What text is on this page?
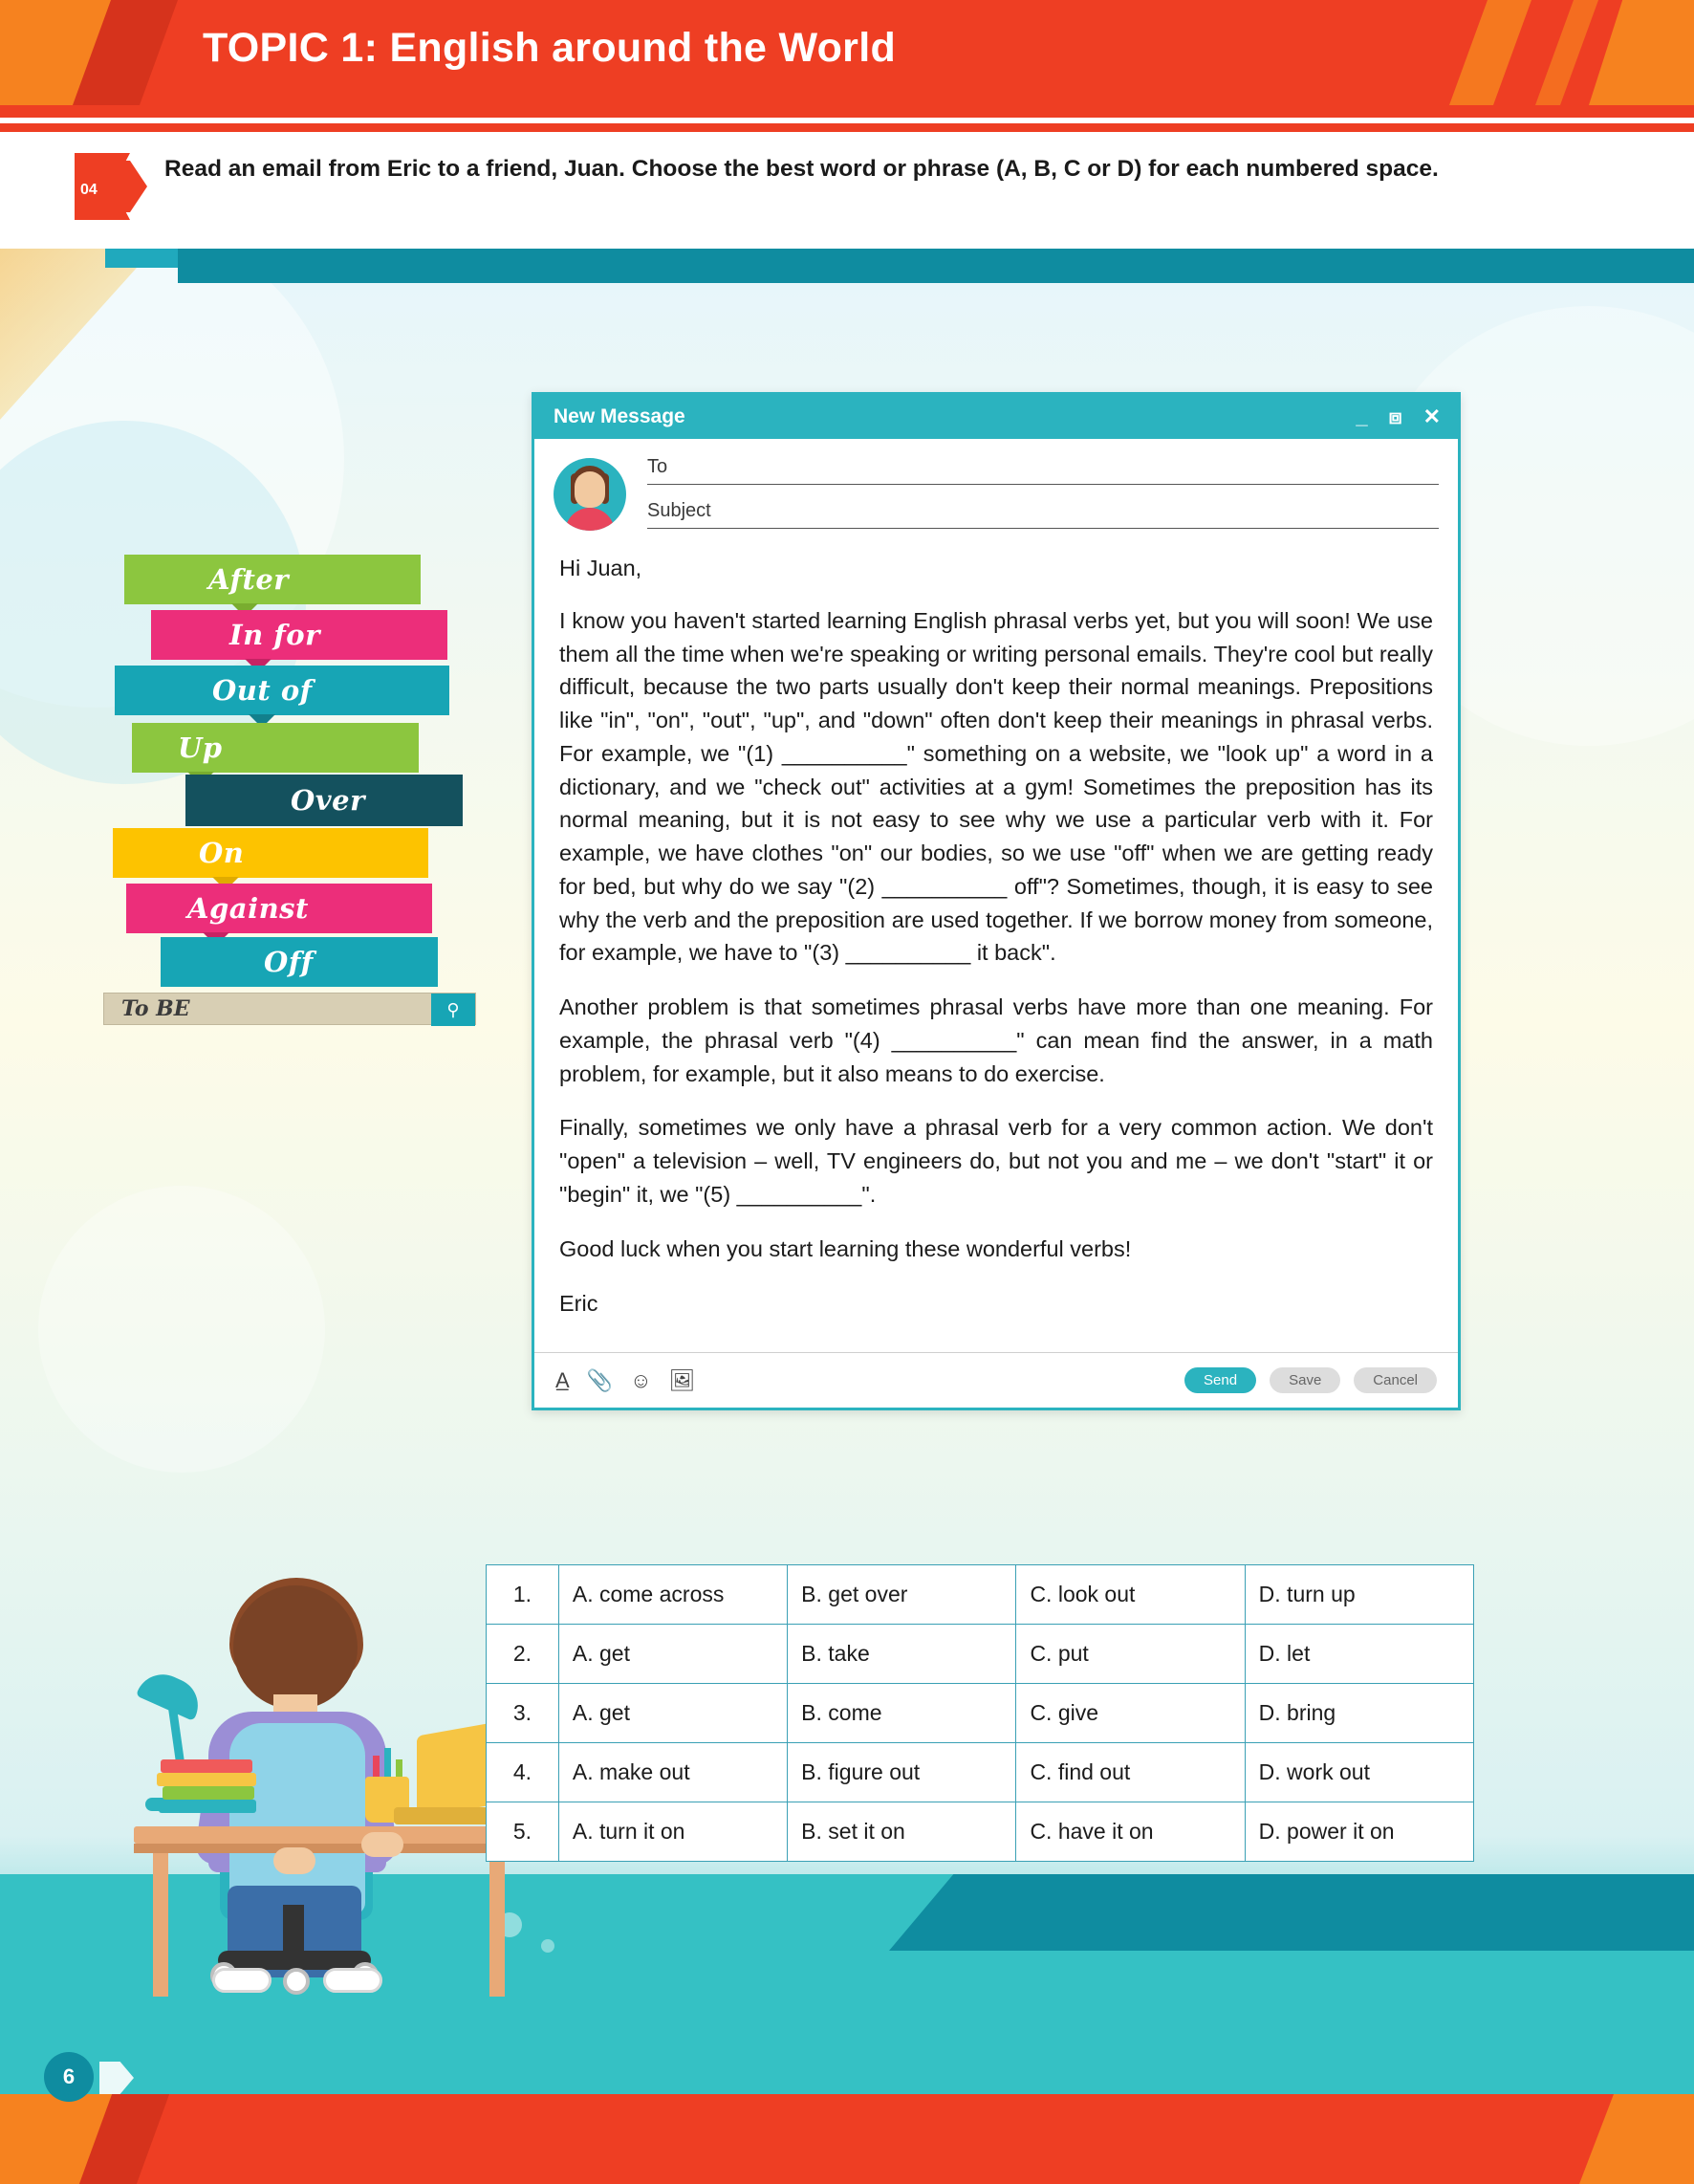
TOPIC 1: English around the World
04
Read an email from Eric to a friend, Juan. Choose the best word or phrase (A, B, C or D) for each numbered space.
After
In for
Out of
Up
Over
On
Against
Off
To BE	⚲
New Message	_ ⧈ ✕
To
Subject

Hi Juan,

I know you haven't started learning English phrasal verbs yet, but you will soon! We use them all the time when we're speaking or writing personal emails. They're cool but really difficult, because the two parts usually don't keep their normal meanings. Prepositions like "in", "on", "out", "up", and "down" often don't keep their meanings in phrasal verbs. For example, we "(1) __________" something on a website, we "look up" a word in a dictionary, and we "check out" activities at a gym! Sometimes the preposition has its normal meaning, but it is not easy to see why we use a particular verb with it. For example, we have clothes "on" our bodies, so we use "off" when we are getting ready for bed, but why do we say "(2) __________ off"? Sometimes, though, it is easy to see why the verb and the preposition are used together. If we borrow money from someone, for example, we have to "(3) __________ it back".

Another problem is that sometimes phrasal verbs have more than one meaning. For example, the phrasal verb "(4) __________" can mean find the answer, in a math problem, for example, but it also means to do exercise.

Finally, sometimes we only have a phrasal verb for a very common action. We don't "open" a television – well, TV engineers do, but not you and me – we don't "start" it or "begin" it, we "(5) __________".

Good luck when you start learning these wonderful verbs!

Eric

A̲ 📎 ☺ 🖼	Send	Save	Cancel
1.	A. come across	B. get over	C. look out	D. turn up
2.	A. get	B. take	C. put	D. let
3.	A. get	B. come	C. give	D. bring
4.	A. make out	B. figure out	C. find out	D. work out
5.	A. turn it on	B. set it on	C. have it on	D. power it on
6
